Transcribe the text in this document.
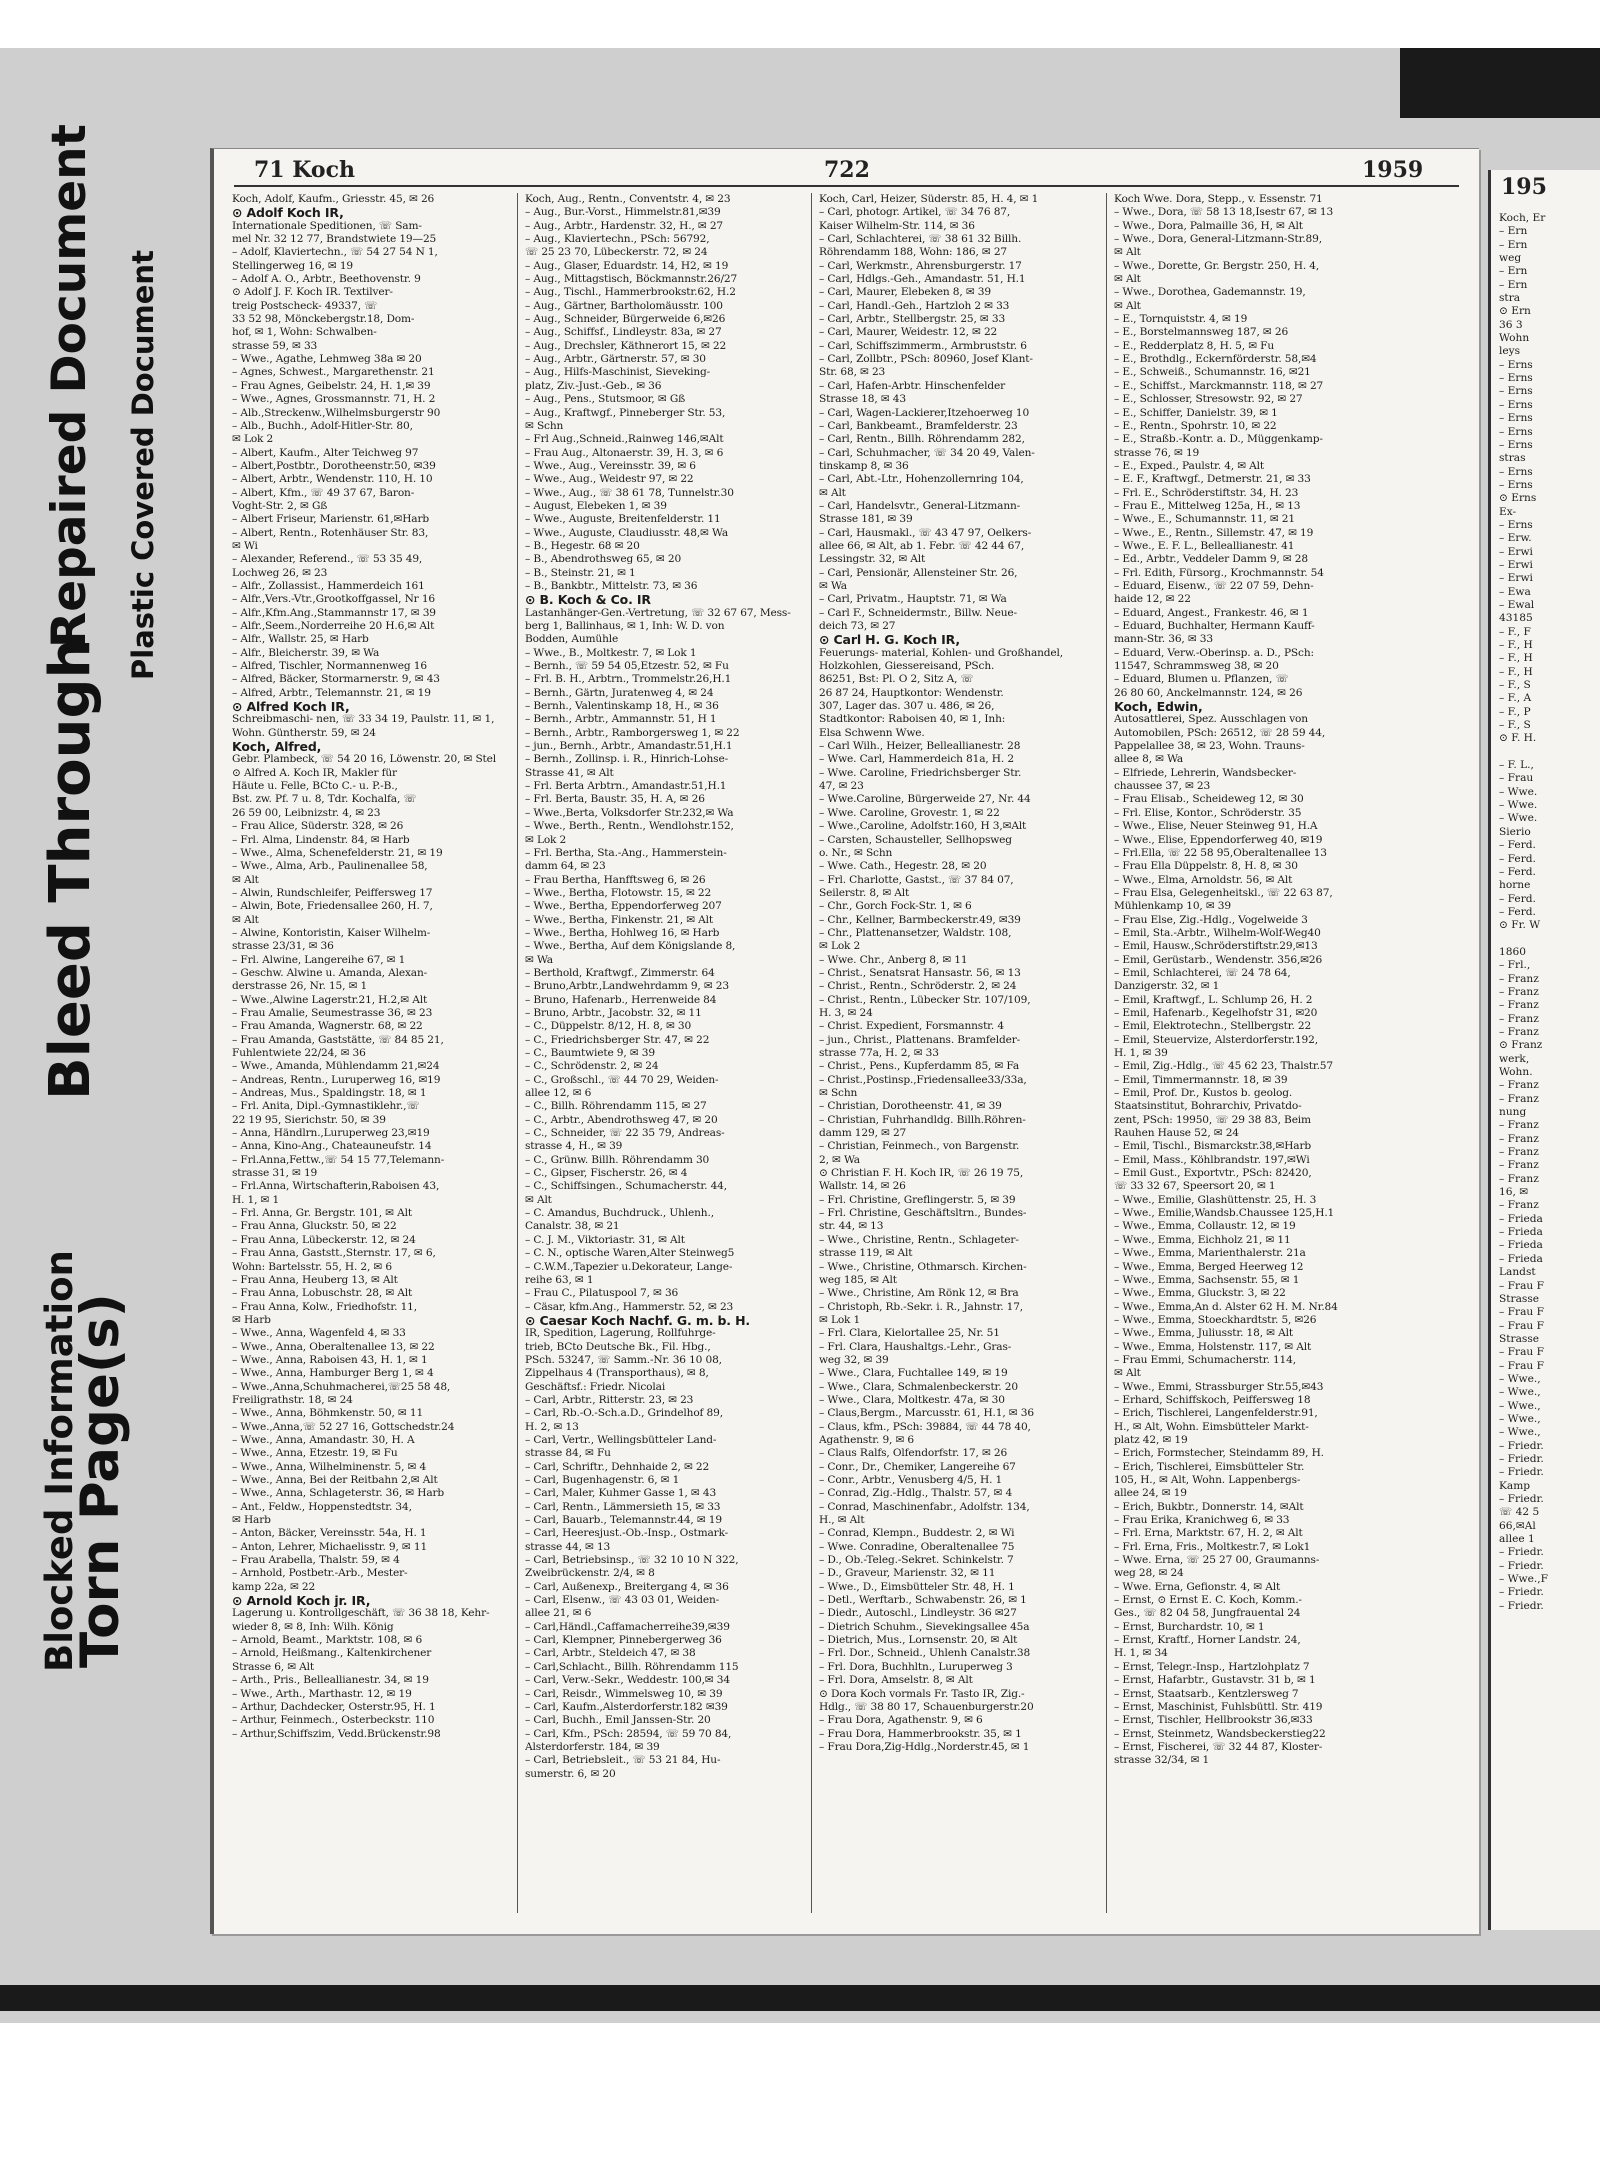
Blocked Information
Torn Page(s)
Bleed Through
Repaired Document Plastic Covered Document
71 Koch	722	1959
Koch, Adolf, Kaufm., Griesstr. 45, ✉ 26
⊙ Adolf Koch IR,
Internationale Speditionen, ☏ Sam-
mel Nr. 32 12 77, Brandstwiete 19—25
– Adolf, Klaviertechn., ☏ 54 27 54 N 1,
Stellingerweg 16, ✉ 19
– Adolf A. O., Arbtr., Beethovenstr. 9
⊙ Adolf J. F. Koch IR. Textilver-
treig Postscheck- 49337, ☏
33 52 98, Mönckebergstr.18, Dom-
hof, ✉ 1, Wohn: Schwalben-
strasse 59, ✉ 33
– Wwe., Agathe, Lehmweg 38a ✉ 20
– Agnes, Schwest., Margarethenstr. 21
– Frau Agnes, Geibelstr. 24, H. 1,✉ 39
– Wwe., Agnes, Grossmannstr. 71, H. 2
– Alb.,Streckenw.,Wilhelmsburgerstr 90
– Alb., Buchh., Adolf-Hitler-Str. 80,
✉ Lok 2
– Albert, Kaufm., Alter Teichweg 97
– Albert,Postbtr., Dorotheenstr.50, ✉39
– Albert, Arbtr., Wendenstr. 110, H. 10
– Albert, Kfm., ☏ 49 37 67, Baron-
Voght-Str. 2, ✉ Gß
– Albert Friseur, Marienstr. 61,✉Harb
– Albert, Rentn., Rotenhäuser Str. 83,
✉ Wi
– Alexander, Referend., ☏ 53 35 49,
Lochweg 26, ✉ 23
– Alfr., Zollassist., Hammerdeich 161
– Alfr.,Vers.-Vtr.,Grootkoffgassel, Nr 16
– Alfr.,Kfm.Ang.,Stammannstr 17, ✉ 39
– Alfr.,Seem.,Norderreihe 20 H.6,✉ Alt
– Alfr., Wallstr. 25, ✉ Harb
– Alfr., Bleicherstr. 39, ✉ Wa
– Alfred, Tischler, Normannenweg 16
– Alfred, Bäcker, Stormarnerstr. 9, ✉ 43
– Alfred, Arbtr., Telemannstr. 21, ✉ 19
⊙ Alfred Koch IR,
Schreibmaschi- nen, ☏ 33 34 19, Paulstr. 11, ✉ 1,
Wohn. Güntherstr. 59, ✉ 24
Koch, Alfred,
Gebr. Plambeck, ☏ 54 20 16, Löwenstr. 20, ✉ Stel
⊙ Alfred A. Koch IR, Makler für
Häute u. Felle, BCto C.- u. P.-B.,
Bst. zw. Pf. 7 u. 8, Tdr. Kochalfa, ☏
26 59 00, Leibnizstr. 4, ✉ 23
– Frau Alice, Süderstr. 328, ✉ 26
– Frl. Alma, Lindenstr. 84, ✉ Harb
– Wwe., Alma, Schenefelderstr. 21, ✉ 19
– Wwe., Alma, Arb., Paulinenallee 58,
✉ Alt
– Alwin, Rundschleifer, Peiffersweg 17
– Alwin, Bote, Friedensallee 260, H. 7,
✉ Alt
– Alwine, Kontoristin, Kaiser Wilhelm-
strasse 23/31, ✉ 36
– Frl. Alwine, Langereihe 67, ✉ 1
– Geschw. Alwine u. Amanda, Alexan-
derstrasse 26, Nr. 15, ✉ 1
– Wwe.,Alwine Lagerstr.21, H.2,✉ Alt
– Frau Amalie, Seumestrasse 36, ✉ 23
– Frau Amanda, Wagnerstr. 68, ✉ 22
– Frau Amanda, Gaststätte, ☏ 84 85 21,
Fuhlentwiete 22/24, ✉ 36
– Wwe., Amanda, Mühlendamm 21,✉24
– Andreas, Rentn., Luruperweg 16, ✉19
– Andreas, Mus., Spaldingstr. 18, ✉ 1
– Frl. Anita, Dipl.-Gymnastiklehr.,☏
22 19 95, Sierichstr. 50, ✉ 39
– Anna, Händlrn.,Luruperweg 23,✉19
– Anna, Kino-Ang., Chateauneufstr. 14
– Frl.Anna,Fettw.,☏ 54 15 77,Telemann-
strasse 31, ✉ 19
– Frl.Anna, Wirtschafterin,Raboisen 43,
H. 1, ✉ 1
– Frl. Anna, Gr. Bergstr. 101, ✉ Alt
– Frau Anna, Gluckstr. 50, ✉ 22
– Frau Anna, Lübeckerstr. 12, ✉ 24
– Frau Anna, Gaststt.,Sternstr. 17, ✉ 6,
Wohn: Bartelsstr. 55, H. 2, ✉ 6
– Frau Anna, Heuberg 13, ✉ Alt
– Frau Anna, Lobuschstr. 28, ✉ Alt
– Frau Anna, Kolw., Friedhofstr. 11,
✉ Harb
– Wwe., Anna, Wagenfeld 4, ✉ 33
– Wwe., Anna, Oberaltenallee 13, ✉ 22
– Wwe., Anna, Raboisen 43, H. 1, ✉ 1
– Wwe., Anna, Hamburger Berg 1, ✉ 4
– Wwe.,Anna,Schuhmacherei,☏25 58 48,
Freiligrathstr. 18, ✉ 24
– Wwe., Anna, Böhmkenstr. 50, ✉ 11
– Wwe.,Anna,☏ 52 27 16, Gottschedstr.24
– Wwe., Anna, Amandastr. 30, H. A
– Wwe., Anna, Etzestr. 19, ✉ Fu
– Wwe., Anna, Wilhelminenstr. 5, ✉ 4
– Wwe., Anna, Bei der Reitbahn 2,✉ Alt
– Wwe., Anna, Schlageterstr. 36, ✉ Harb
– Ant., Feldw., Hoppenstedtstr. 34,
✉ Harb
– Anton, Bäcker, Vereinsstr. 54a, H. 1
– Anton, Lehrer, Michaelisstr. 9, ✉ 11
– Frau Arabella, Thalstr. 59, ✉ 4
– Arnhold, Postbetr.-Arb., Mester-
kamp 22a, ✉ 22
⊙ Arnold Koch jr. IR,
Lagerung u. Kontrollgeschäft, ☏ 36 38 18, Kehr-
wieder 8, ✉ 8, Inh: Wilh. König
– Arnold, Beamt., Marktstr. 108, ✉ 6
– Arnold, Heißmang., Kaltenkirchener
Strasse 6, ✉ Alt
– Arth., Pris., Belleallianestr. 34, ✉ 19
– Wwe., Arth., Marthastr. 12, ✉ 19
– Arthur, Dachdecker, Osterstr.95, H. 1
– Arthur, Feinmech., Osterbeckstr. 110
– Arthur,Schiffszim, Vedd.Brückenstr.98
Koch, Aug., Rentn., Conventstr. 4, ✉ 23
– Aug., Bur.-Vorst., Himmelstr.81,✉39
– Aug., Arbtr., Hardenstr. 32, H., ✉ 27
– Aug., Klaviertechn., PSch: 56792,
☏ 25 23 70, Lübeckerstr. 72, ✉ 24
– Aug., Glaser, Eduardstr. 14, H2, ✉ 19
– Aug., Mittagstisch, Böckmannstr.26/27
– Aug., Tischl., Hammerbrookstr.62, H.2
– Aug., Gärtner, Bartholomäusstr. 100
– Aug., Schneider, Bürgerweide 6,✉26
– Aug., Schiffsf., Lindleystr. 83a, ✉ 27
– Aug., Drechsler, Käthnerort 15, ✉ 22
– Aug., Arbtr., Gärtnerstr. 57, ✉ 30
– Aug., Hilfs-Maschinist, Sieveking-
platz, Ziv.-Just.-Geb., ✉ 36
– Aug., Pens., Stutsmoor, ✉ Gß
– Aug., Kraftwgf., Pinneberger Str. 53,
✉ Schn
– Frl Aug.,Schneid.,Rainweg 146,✉Alt
– Frau Aug., Altonaerstr. 39, H. 3, ✉ 6
– Wwe., Aug., Vereinsstr. 39, ✉ 6
– Wwe., Aug., Weidestr 97, ✉ 22
– Wwe., Aug., ☏ 38 61 78, Tunnelstr.30
– August, Elebeken 1, ✉ 39
– Wwe., Auguste, Breitenfelderstr. 11
– Wwe., Auguste, Claudiusstr. 48,✉ Wa
– B., Hegestr. 68 ✉ 20
– B., Abendrothsweg 65, ✉ 20
– B., Steinstr. 21, ✉ 1
– B., Bankbtr., Mittelstr. 73, ✉ 36
⊙ B. Koch & Co. IR
Lastanhänger-Gen.-Vertretung, ☏ 32 67 67, Mess-
berg 1, Ballinhaus, ✉ 1, Inh: W. D. von
Bodden, Aumühle
– Wwe., B., Moltkestr. 7, ✉ Lok 1
– Bernh., ☏ 59 54 05,Etzestr. 52, ✉ Fu
– Frl. B. H., Arbtrn., Trommelstr.26,H.1
– Bernh., Gärtn, Juratenweg 4, ✉ 24
– Bernh., Valentinskamp 18, H., ✉ 36
– Bernh., Arbtr., Ammannstr. 51, H 1
– Bernh., Arbtr., Ramborgersweg 1, ✉ 22
– jun., Bernh., Arbtr., Amandastr.51,H.1
– Bernh., Zollinsp. i. R., Hinrich-Lohse-
Strasse 41, ✉ Alt
– Frl. Berta Arbtrn., Amandastr.51,H.1
– Frl. Berta, Baustr. 35, H. A, ✉ 26
– Wwe.,Berta, Volksdorfer Str.232,✉ Wa
– Wwe., Berth., Rentn., Wendlohstr.152,
✉ Lok 2
– Frl. Bertha, Sta.-Ang., Hammerstein-
damm 64, ✉ 23
– Frau Bertha, Hanfftsweg 6, ✉ 26
– Wwe., Bertha, Flotowstr. 15, ✉ 22
– Wwe., Bertha, Eppendorferweg 207
– Wwe., Bertha, Finkenstr. 21, ✉ Alt
– Wwe., Bertha, Hohlweg 16, ✉ Harb
– Wwe., Bertha, Auf dem Königslande 8,
✉ Wa
– Berthold, Kraftwgf., Zimmerstr. 64
– Bruno,Arbtr.,Landwehrdamm 9, ✉ 23
– Bruno, Hafenarb., Herrenweide 84
– Bruno, Arbtr., Jacobstr. 32, ✉ 11
– C., Düppelstr. 8/12, H. 8, ✉ 30
– C., Friedrichsberger Str. 47, ✉ 22
– C., Baumtwiete 9, ✉ 39
– C., Schrödenstr. 2, ✉ 24
– C., Großschl., ☏ 44 70 29, Weiden-
allee 12, ✉ 6
– C., Billh. Röhrendamm 115, ✉ 27
– C., Arbtr., Abendrothsweg 47, ✉ 20
– C., Schneider, ☏ 22 35 79, Andreas-
strasse 4, H., ✉ 39
– C., Grünw. Billh. Röhrendamm 30
– C., Gipser, Fischerstr. 26, ✉ 4
– C., Schiffsingen., Schumacherstr. 44,
✉ Alt
– C. Amandus, Buchdruck., Uhlenh.,
Canalstr. 38, ✉ 21
– C. J. M., Viktoriastr. 31, ✉ Alt
– C. N., optische Waren,Alter Steinweg5
– C.W.M.,Tapezier u.Dekorateur, Lange-
reihe 63, ✉ 1
– Frau C., Pilatuspool 7, ✉ 36
– Cäsar, kfm.Ang., Hammerstr. 52, ✉ 23
⊙ Caesar Koch Nachf. G. m. b. H.
IR, Spedition, Lagerung, Rollfuhrge-
trieb, BCto Deutsche Bk., Fil. Hbg.,
PSch. 53247, ☏ Samm.-Nr. 36 10 08,
Zippelhaus 4 (Transporthaus), ✉ 8,
Geschäftsf.: Friedr. Nicolai
– Carl, Arbtr., Ritterstr. 23, ✉ 23
– Carl, Rb.-O.-Sch.a.D., Grindelhof 89,
H. 2, ✉ 13
– Carl, Vertr., Wellingsbütteler Land-
strasse 84, ✉ Fu
– Carl, Schriftr., Dehnhaide 2, ✉ 22
– Carl, Bugenhagenstr. 6, ✉ 1
– Carl, Maler, Kuhmer Gasse 1, ✉ 43
– Carl, Rentn., Lämmersieth 15, ✉ 33
– Carl, Bauarb., Telemannstr.44, ✉ 19
– Carl, Heeresjust.-Ob.-Insp., Ostmark-
strasse 44, ✉ 13
– Carl, Betriebsinsp., ☏ 32 10 10 N 322,
Zweibrückenstr. 2/4, ✉ 8
– Carl, Außenexp., Breitergang 4, ✉ 36
– Carl, Elsenw., ☏ 43 03 01, Weiden-
allee 21, ✉ 6
– Carl,Händl.,Caffamacherreihe39,✉39
– Carl, Klempner, Pinnebergerweg 36
– Carl, Arbtr., Steldeich 47, ✉ 38
– Carl,Schlacht., Billh. Röhrendamm 115
– Carl, Verw.-Sekr., Weddestr. 100,✉ 34
– Carl, Reisdr., Wimmelsweg 10, ✉ 39
– Carl, Kaufm.,Alsterdorferstr.182 ✉39
– Carl, Buchh., Emil Janssen-Str. 20
– Carl, Kfm., PSch: 28594, ☏ 59 70 84,
Alsterdorferstr. 184, ✉ 39
– Carl, Betriebsleit., ☏ 53 21 84, Hu-
sumerstr. 6, ✉ 20
Koch, Carl, Heizer, Süderstr. 85, H. 4, ✉ 1
– Carl, photogr. Artikel, ☏ 34 76 87,
Kaiser Wilhelm-Str. 114, ✉ 36
– Carl, Schlachterei, ☏ 38 61 32 Billh.
Röhrendamm 188, Wohn: 186, ✉ 27
– Carl, Werkmstr., Ahrensburgerstr. 17
– Carl, Hdlgs.-Geh., Amandastr. 51, H.1
– Carl, Maurer, Elebeken 8, ✉ 39
– Carl, Handl.-Geh., Hartzloh 2 ✉ 33
– Carl, Arbtr., Stellbergstr. 25, ✉ 33
– Carl, Maurer, Weidestr. 12, ✉ 22
– Carl, Schiffszimmerm., Armbruststr. 6
– Carl, Zollbtr., PSch: 80960, Josef Klant-
Str. 68, ✉ 23
– Carl, Hafen-Arbtr. Hinschenfelder
Strasse 18, ✉ 43
– Carl, Wagen-Lackierer,Itzehoerweg 10
– Carl, Bankbeamt., Bramfelderstr. 23
– Carl, Rentn., Billh. Röhrendamm 282,
– Carl, Schuhmacher, ☏ 34 20 49, Valen-
tinskamp 8, ✉ 36
– Carl, Abt.-Ltr., Hohenzollernring 104,
✉ Alt
– Carl, Handelsvtr., General-Litzmann-
Strasse 181, ✉ 39
– Carl, Hausmakl., ☏ 43 47 97, Oelkers-
allee 66, ✉ Alt, ab 1. Febr. ☏ 42 44 67,
Lessingstr. 32, ✉ Alt
– Carl, Pensionär, Allensteiner Str. 26,
✉ Wa
– Carl, Privatm., Hauptstr. 71, ✉ Wa
– Carl F., Schneidermstr., Billw. Neue-
deich 73, ✉ 27
⊙ Carl H. G. Koch IR,
Feuerungs- material, Kohlen- und Großhandel,
Holzkohlen, Giessereisand, PSch.
86251, Bst: Pl. O 2, Sitz A, ☏
26 87 24, Hauptkontor: Wendenstr.
307, Lager das. 307 u. 486, ✉ 26,
Stadtkontor: Raboisen 40, ✉ 1, Inh:
Elsa Schwenn Wwe.
– Carl Wilh., Heizer, Belleallianestr. 28
– Wwe. Carl, Hammerdeich 81a, H. 2
– Wwe. Caroline, Friedrichsberger Str.
47, ✉ 23
– Wwe.Caroline, Bürgerweide 27, Nr. 44
– Wwe. Caroline, Grovestr. 1, ✉ 22
– Wwe.,Caroline, Adolfstr.160, H 3,✉Alt
– Carsten, Schausteller, Sellhopsweg
o. Nr., ✉ Schn
– Wwe. Cath., Hegestr. 28, ✉ 20
– Frl. Charlotte, Gastst., ☏ 37 84 07,
Seilerstr. 8, ✉ Alt
– Chr., Gorch Fock-Str. 1, ✉ 6
– Chr., Kellner, Barmbeckerstr.49, ✉39
– Chr., Plattenansetzer, Waldstr. 108,
✉ Lok 2
– Wwe. Chr., Anberg 8, ✉ 11
– Christ., Senatsrat Hansastr. 56, ✉ 13
– Christ., Rentn., Schröderstr. 2, ✉ 24
– Christ., Rentn., Lübecker Str. 107/109,
H. 3, ✉ 24
– Christ. Expedient, Forsmannstr. 4
– jun., Christ., Plattenans. Bramfelder-
strasse 77a, H. 2, ✉ 33
– Christ., Pens., Kupferdamm 85, ✉ Fa
– Christ.,Postinsp.,Friedensallee33/33a,
✉ Schn
– Christian, Dorotheenstr. 41, ✉ 39
– Christian, Fuhrhandldg. Billh.Röhren-
damm 129, ✉ 27
– Christian, Feinmech., von Bargenstr.
2, ✉ Wa
⊙ Christian F. H. Koch IR, ☏ 26 19 75,
Wallstr. 14, ✉ 26
– Frl. Christine, Greflingerstr. 5, ✉ 39
– Frl. Christine, Geschäftsltrn., Bundes-
str. 44, ✉ 13
– Wwe., Christine, Rentn., Schlageter-
strasse 119, ✉ Alt
– Wwe., Christine, Othmarsch. Kirchen-
weg 185, ✉ Alt
– Wwe., Christine, Am Rönk 12, ✉ Bra
– Christoph, Rb.-Sekr. i. R., Jahnstr. 17,
✉ Lok 1
– Frl. Clara, Kielortallee 25, Nr. 51
– Frl. Clara, Haushaltgs.-Lehr., Gras-
weg 32, ✉ 39
– Wwe., Clara, Fuchtallee 149, ✉ 19
– Wwe., Clara, Schmalenbeckerstr. 20
– Wwe., Clara, Moltkestr. 47a, ✉ 30
– Claus,Bergm., Marcusstr. 61, H.1, ✉ 36
– Claus, kfm., PSch: 39884, ☏ 44 78 40,
Agathenstr. 9, ✉ 6
– Claus Ralfs, Olfendorfstr. 17, ✉ 26
– Conr., Dr., Chemiker, Langereihe 67
– Conr., Arbtr., Venusberg 4/5, H. 1
– Conrad, Zig.-Hdlg., Thalstr. 57, ✉ 4
– Conrad, Maschinenfabr., Adolfstr. 134,
H., ✉ Alt
– Conrad, Klempn., Buddestr. 2, ✉ Wi
– Wwe. Conradine, Oberaltenallee 75
– D., Ob.-Teleg.-Sekret. Schinkelstr. 7
– D., Graveur, Marienstr. 32, ✉ 11
– Wwe., D., Eimsbütteler Str. 48, H. 1
– Detl., Werftarb., Schwabenstr. 26, ✉ 1
– Diedr., Autoschl., Lindleystr. 36 ✉27
– Dietrich Schuhm., Sievekingsallee 45a
– Dietrich, Mus., Lornsenstr. 20, ✉ Alt
– Frl. Dor., Schneid., Uhlenh Canalstr.38
– Frl. Dora, Buchhltn., Luruperweg 3
– Frl. Dora, Amselstr. 8, ✉ Alt
⊙ Dora Koch vormals Fr. Tasto IR, Zig.-
Hdlg., ☏ 38 80 17, Schauenburgerstr.20
– Frau Dora, Agathenstr. 9, ✉ 6
– Frau Dora, Hammerbrookstr. 35, ✉ 1
– Frau Dora,Zig-Hdlg.,Norderstr.45, ✉ 1
Koch Wwe. Dora, Stepp., v. Essenstr. 71
– Wwe., Dora, ☏ 58 13 18,Isestr 67, ✉ 13
– Wwe., Dora, Palmaille 36, H, ✉ Alt
– Wwe., Dora, General-Litzmann-Str.89,
✉ Alt
– Wwe., Dorette, Gr. Bergstr. 250, H. 4,
✉ Alt
– Wwe., Dorothea, Gademannstr. 19,
✉ Alt
– E., Tornquiststr. 4, ✉ 19
– E., Borstelmannsweg 187, ✉ 26
– E., Redderplatz 8, H. 5, ✉ Fu
– E., Brothdlg., Eckernförderstr. 58,✉4
– E., Schweiß., Schumannstr. 16, ✉21
– E., Schiffst., Marckmannstr. 118, ✉ 27
– E., Schlosser, Stresowstr. 92, ✉ 27
– E., Schiffer, Danielstr. 39, ✉ 1
– E., Rentn., Spohrstr. 10, ✉ 22
– E., Straßb.-Kontr. a. D., Müggenkamp-
strasse 76, ✉ 19
– E., Exped., Paulstr. 4, ✉ Alt
– E. F., Kraftwgf., Detmerstr. 21, ✉ 33
– Frl. E., Schröderstiftstr. 34, H. 23
– Frau E., Mittelweg 125a, H., ✉ 13
– Wwe., E., Schumannstr. 11, ✉ 21
– Wwe., E., Rentn., Sillemstr. 47, ✉ 19
– Wwe., E. F. L., Belleallianestr. 41
– Ed., Arbtr., Veddeler Damm 9, ✉ 28
– Frl. Edith, Fürsorg., Krochmannstr. 54
– Eduard, Eisenw., ☏ 22 07 59, Dehn-
haide 12, ✉ 22
– Eduard, Angest., Frankestr. 46, ✉ 1
– Eduard, Buchhalter, Hermann Kauff-
mann-Str. 36, ✉ 33
– Eduard, Verw.-Oberinsp. a. D., PSch:
11547, Schrammsweg 38, ✉ 20
– Eduard, Blumen u. Pflanzen, ☏
26 80 60, Anckelmannstr. 124, ✉ 26
Koch, Edwin,
Autosattlerei, Spez. Ausschlagen von
Automobilen, PSch: 26512, ☏ 28 59 44,
Pappelallee 38, ✉ 23, Wohn. Trauns-
allee 8, ✉ Wa
– Elfriede, Lehrerin, Wandsbecker-
chaussee 37, ✉ 23
– Frau Elisab., Scheideweg 12, ✉ 30
– Frl. Elise, Kontor., Schröderstr. 35
– Wwe., Elise, Neuer Steinweg 91, H.A
– Wwe., Elise, Eppendorferweg 40, ✉19
– Frl.Ella, ☏ 22 58 95,Oberaltenallee 13
– Frau Ella Düppelstr. 8, H. 8, ✉ 30
– Wwe., Elma, Arnoldstr. 56, ✉ Alt
– Frau Elsa, Gelegenheitskl., ☏ 22 63 87,
Mühlenkamp 10, ✉ 39
– Frau Else, Zig.-Hdlg., Vogelweide 3
– Emil, Sta.-Arbtr., Wilhelm-Wolf-Weg40
– Emil, Hausw.,Schröderstiftstr.29,✉13
– Emil, Gerüstarb., Wendenstr. 356,✉26
– Emil, Schlachterei, ☏ 24 78 64,
Danzigerstr. 32, ✉ 1
– Emil, Kraftwgf., L. Schlump 26, H. 2
– Emil, Hafenarb., Kegelhofstr 31, ✉20
– Emil, Elektrotechn., Stellbergstr. 22
– Emil, Steuervize, Alsterdorferstr.192,
H. 1, ✉ 39
– Emil, Zig.-Hdlg., ☏ 45 62 23, Thalstr.57
– Emil, Timmermannstr. 18, ✉ 39
– Emil, Prof. Dr., Kustos b. geolog.
Staatsinstitut, Bohrarchiv, Privatdo-
zent, PSch: 19950, ☏ 29 38 83, Beim
Rauhen Hause 52, ✉ 24
– Emil, Tischl., Bismarckstr.38,✉Harb
– Emil, Mass., Köhlbrandstr. 197,✉Wi
– Emil Gust., Exportvtr., PSch: 82420,
☏ 33 32 67, Speersort 20, ✉ 1
– Wwe., Emilie, Glashüttenstr. 25, H. 3
– Wwe., Emilie,Wandsb.Chaussee 125,H.1
– Wwe., Emma, Collaustr. 12, ✉ 19
– Wwe., Emma, Eichholz 21, ✉ 11
– Wwe., Emma, Marienthalerstr. 21a
– Wwe., Emma, Berged Heerweg 12
– Wwe., Emma, Sachsenstr. 55, ✉ 1
– Wwe., Emma, Gluckstr. 3, ✉ 22
– Wwe., Emma,An d. Alster 62 H. M. Nr.84
– Wwe., Emma, Stoeckhardtstr. 5, ✉26
– Wwe., Emma, Juliusstr. 18, ✉ Alt
– Wwe., Emma, Holstenstr. 117, ✉ Alt
– Frau Emmi, Schumacherstr. 114,
✉ Alt
– Wwe., Emmi, Strassburger Str.55,✉43
– Erhard, Schiffskoch, Peiffersweg 18
– Erich, Tischlerei, Langenfelderstr.91,
H., ✉ Alt, Wohn. Eimsbütteler Markt-
platz 42, ✉ 19
– Erich, Formstecher, Steindamm 89, H.
– Erich, Tischlerei, Eimsbütteler Str.
105, H., ✉ Alt, Wohn. Lappenbergs-
allee 24, ✉ 19
– Erich, Bukbtr., Donnerstr. 14, ✉Alt
– Frau Erika, Kranichweg 6, ✉ 33
– Frl. Erna, Marktstr. 67, H. 2, ✉ Alt
– Frl. Erna, Fris., Moltkestr.7, ✉ Lok1
– Wwe. Erna, ☏ 25 27 00, Graumanns-
weg 28, ✉ 24
– Wwe. Erna, Gefionstr. 4, ✉ Alt
– Ernst, ⊙ Ernst E. C. Koch, Komm.-
Ges., ☏ 82 04 58, Jungfrauental 24
– Ernst, Burchardstr. 10, ✉ 1
– Ernst, Kraftf., Horner Landstr. 24,
H. 1, ✉ 34
– Ernst, Telegr.-Insp., Hartzlohplatz 7
– Ernst, Hafarbtr., Gustavstr. 31 b, ✉ 1
– Ernst, Staatsarb., Kentzlersweg 7
– Ernst, Maschinist, Fuhlsbüttl. Str. 419
– Ernst, Tischler, Hellbrookstr 36,✉33
– Ernst, Steinmetz, Wandsbeckerstieg22
– Ernst, Fischerei, ☏ 32 44 87, Kloster-
strasse 32/34, ✉ 1
195
Koch, Er
– Ern
– Ern
weg
– Ern
– Ern
stra
⊙ Ern
36 3
Wohn
leys
– Erns
– Erns
– Erns
– Erns
– Erns
– Erns
– Erns
stras
– Erns
– Erns
⊙ Erns
Ex-
– Erns
– Erw.
– Erwi
– Erwi
– Erwi
– Ewa
– Ewal
43185
– F., F
– F., H
– F., H
– F., H
– F., S
– F., A
– F., P
– F., S
⊙ F. H.

– F. L.,
– Frau
– Wwe.
– Wwe.
– Wwe.
Sierio
– Ferd.
– Ferd.
– Ferd.
horne
– Ferd.
– Ferd.
⊙ Fr. W

1860
– Frl.,
– Franz
– Franz
– Franz
– Franz
– Franz
⊙ Franz
werk,
Wohn.
– Franz
– Franz
nung
– Franz
– Franz
– Franz
– Franz
– Franz
16, ✉
– Franz
– Frieda
– Frieda
– Frieda
– Frieda
Landst
– Frau F
Strasse
– Frau F
– Frau F
Strasse
– Frau F
– Frau F
– Wwe.,
– Wwe.,
– Wwe.,
– Wwe.,
– Wwe.,
– Friedr.
– Friedr.
– Friedr.
Kamp
– Friedr.
☏ 42 5
66,✉Al
allee 1
– Friedr.
– Friedr.
– Wwe.,F
– Friedr.
– Friedr.
